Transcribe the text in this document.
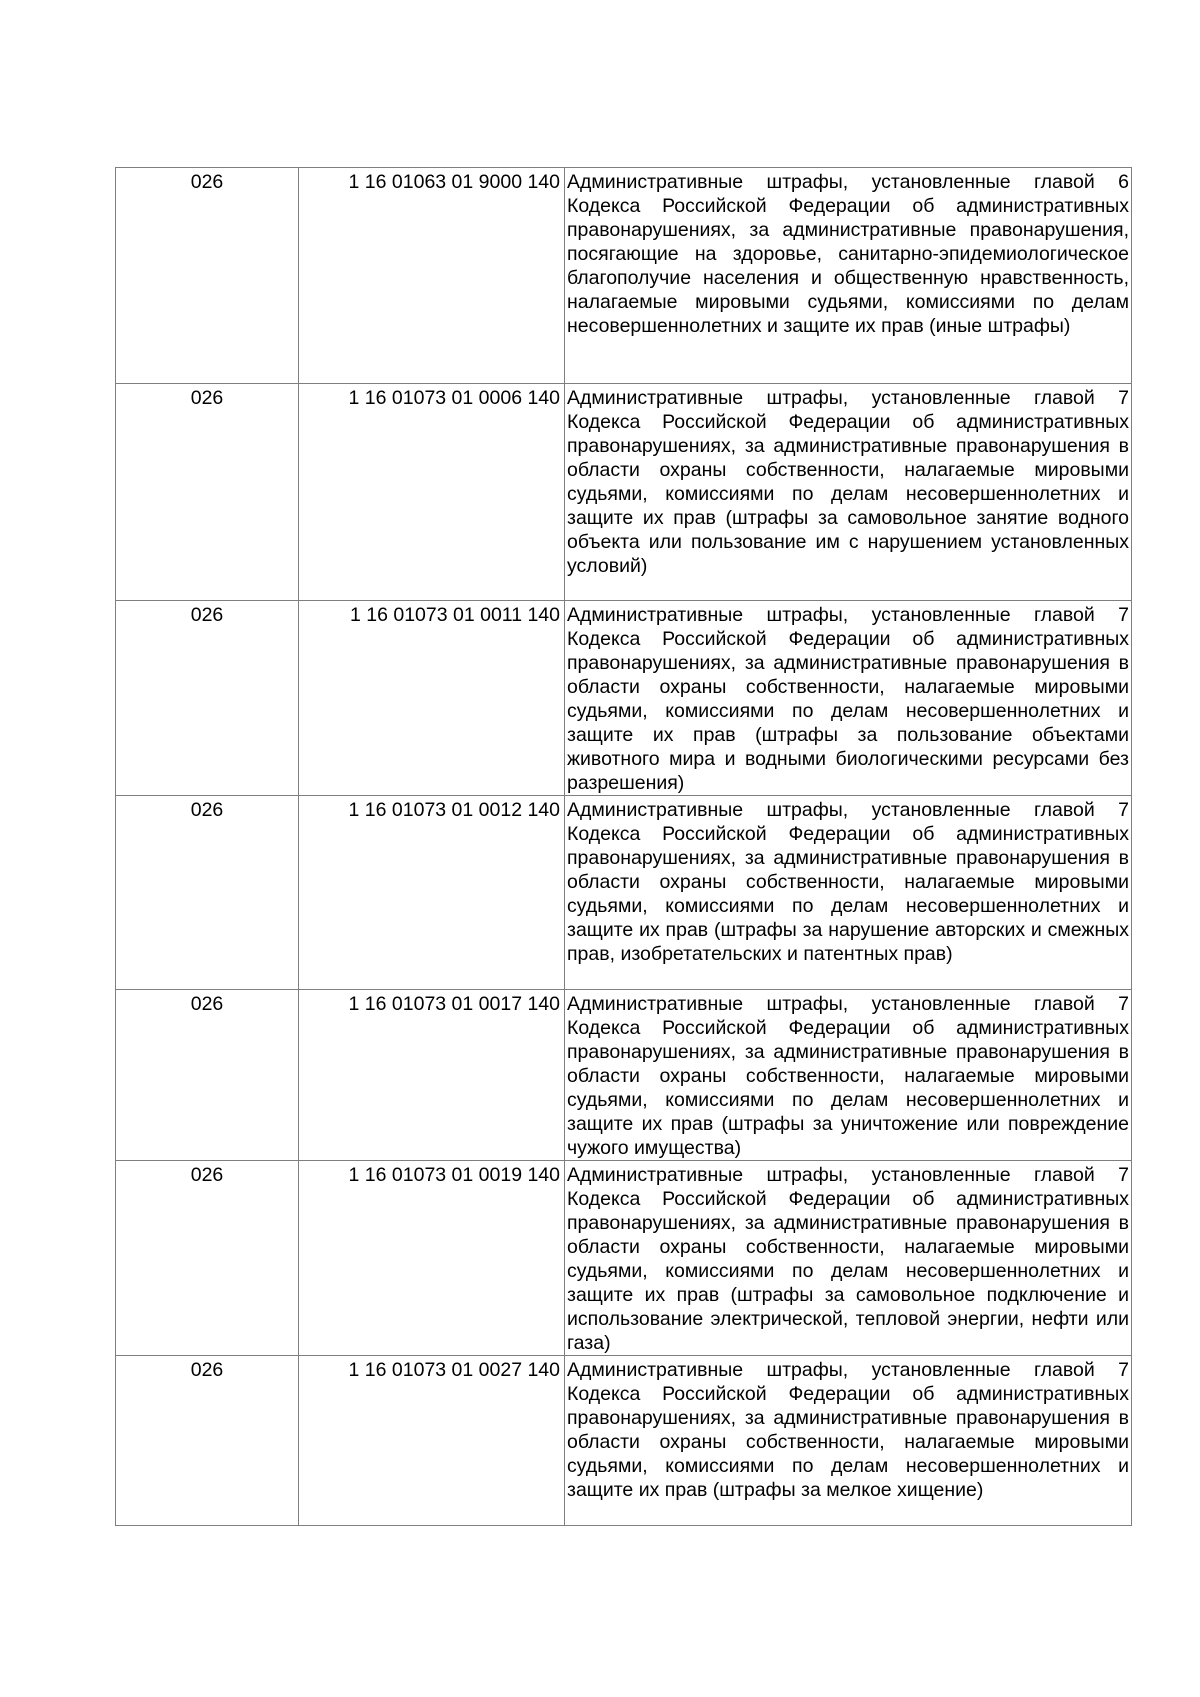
026	1 16 01063 01 9000 140	Административные штрафы, установленные главой 6 Кодекса Российской Федерации об административных правонарушениях, за административные правонарушения, посягающие на здоровье, санитарно-эпидемиологическое благополучие населения и общественную нравственность, налагаемые мировыми судьями, комиссиями по делам несовершеннолетних и защите их прав (иные штрафы)

026	1 16 01073 01 0006 140	Административные штрафы, установленные главой 7 Кодекса Российской Федерации об административных правонарушениях, за административные правонарушения в области охраны собственности, налагаемые мировыми судьями, комиссиями по делам несовершеннолетних и защите их прав (штрафы за самовольное занятие водного объекта или пользование им с нарушением установленных условий)

026	1 16 01073 01 0011 140	Административные штрафы, установленные главой 7 Кодекса Российской Федерации об административных правонарушениях, за административные правонарушения в области охраны собственности, налагаемые мировыми судьями, комиссиями по делам несовершеннолетних и защите их прав (штрафы за пользование объектами животного мира и водными биологическими ресурсами без разрешения)

026	1 16 01073 01 0012 140	Административные штрафы, установленные главой 7 Кодекса Российской Федерации об административных правонарушениях, за административные правонарушения в области охраны собственности, налагаемые мировыми судьями, комиссиями по делам несовершеннолетних и защите их прав (штрафы за нарушение авторских и смежных прав, изобретательских и патентных прав)

026	1 16 01073 01 0017 140	Административные штрафы, установленные главой 7 Кодекса Российской Федерации об административных правонарушениях, за административные правонарушения в области охраны собственности, налагаемые мировыми судьями, комиссиями по делам несовершеннолетних и защите их прав (штрафы за уничтожение или повреждение чужого имущества)

026	1 16 01073 01 0019 140	Административные штрафы, установленные главой 7 Кодекса Российской Федерации об административных правонарушениях, за административные правонарушения в области охраны собственности, налагаемые мировыми судьями, комиссиями по делам несовершеннолетних и защите их прав (штрафы за самовольное подключение и использование электрической, тепловой энергии, нефти или газа)

026	1 16 01073 01 0027 140	Административные штрафы, установленные главой 7 Кодекса Российской Федерации об административных правонарушениях, за административные правонарушения в области охраны собственности, налагаемые мировыми судьями, комиссиями по делам несовершеннолетних и защите их прав (штрафы за мелкое хищение)
